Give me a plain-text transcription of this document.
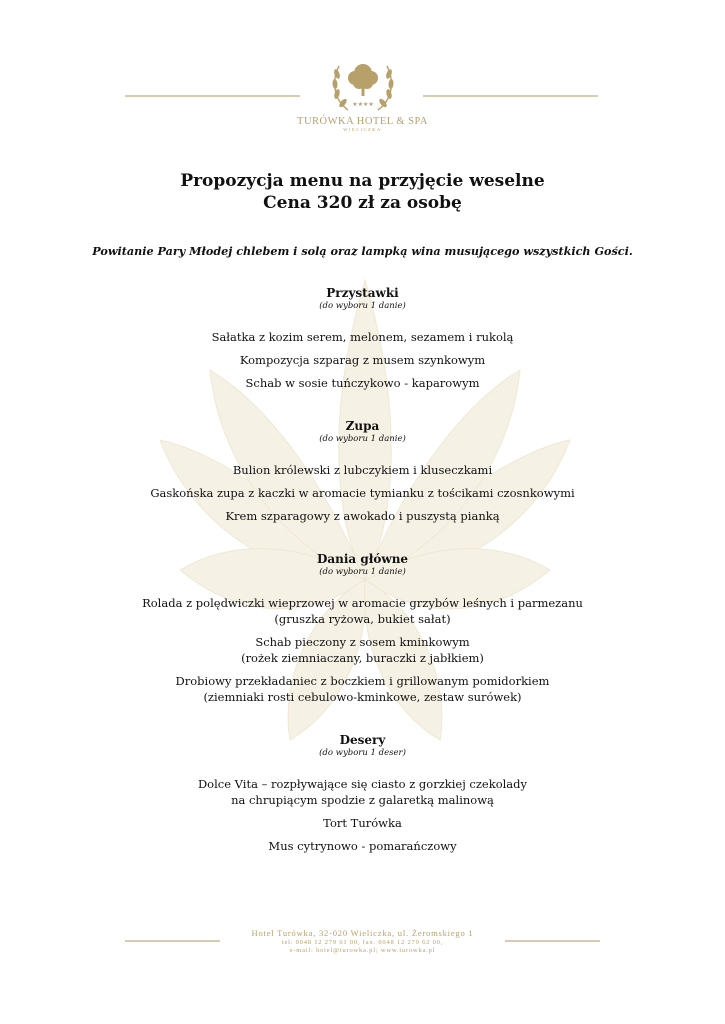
★★★★
TURÓWKA HOTEL & SPA
WIELICZKA
Propozycja menu na przyjęcie weselne
Cena 320 zł za osobę
Powitanie Pary Młodej chlebem i solą oraz lampką wina musującego wszystkich Gości.
Przystawki
(do wyboru 1 danie)
Sałatka z kozim serem, melonem, sezamem i rukolą
Kompozycja szparag z musem szynkowym
Schab w sosie tuńczykowo - kaparowym
Zupa
(do wyboru 1 danie)
Bulion królewski z lubczykiem i kluseczkami
Gaskońska zupa z kaczki w aromacie tymianku z tościkami czosnkowymi
Krem szparagowy z awokado i puszystą pianką
Dania główne
(do wyboru 1 danie)
Rolada z polędwiczki wieprzowej w aromacie grzybów leśnych i parmezanu
(gruszka ryżowa, bukiet sałat)
Schab pieczony z sosem kminkowym
(rożek ziemniaczany, buraczki z jabłkiem)
Drobiowy przekładaniec z boczkiem i grillowanym pomidorkiem
(ziemniaki rosti cebulowo-kminkowe, zestaw surówek)
Desery
(do wyboru 1 deser)
Dolce Vita – rozpływające się ciasto z gorzkiej czekolady
na chrupiącym spodzie z galaretką malinową
Tort Turówka
Mus cytrynowo - pomarańczowy
Hotel Turówka, 32-020 Wieliczka, ul. Żeromskiego 1
tel. 0048 12 279 61 00, fax. 0048 12 279 62 00,
e-mail: hotel@turowka.pl; www.turowka.pl
